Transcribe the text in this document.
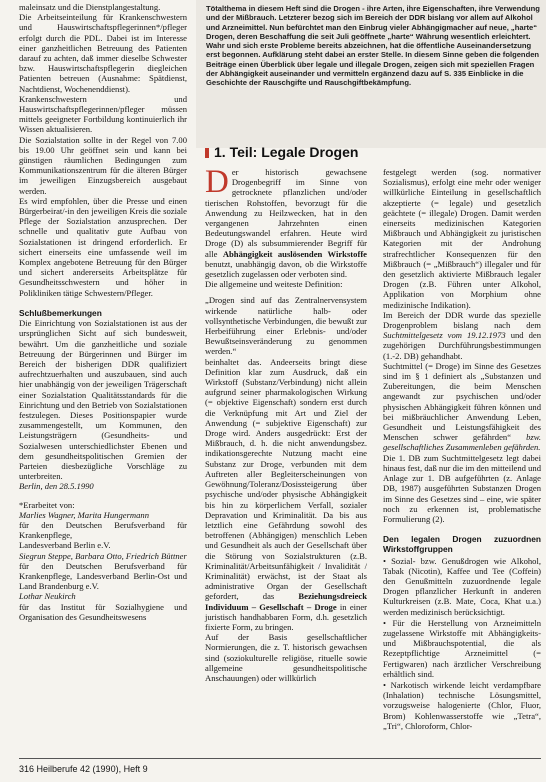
Tötalthema in diesem Heft sind die Drogen - ihre Arten, ihre Eigenschaften, ihre Verwendung und der Mißbrauch. Letzterer bezog sich im Bereich der DDR bislang vor allem auf Alkohol und Arzneimittel. Nun befürchtet man den Einbrug vieler Abhängigmacher auf neue, „harte“ Drogen, deren Beschaffung die seit Juli geöffnete „harte“ Währung wesentlich erleichtert. Wahr und sich erste Probleme bereits abzeichnen, hat die öffentliche Auseinandersetzung erst begonnen. Aufklärung steht dabei an erster Stelle. In diesem Sinne geben die folgenden Beiträge einen Überblick über legale und illegale Drogen, zeigen sich mit speziellen Fragen der Abhängigkeit auseinander und vermitteln ergänzend dazu auf S. 335 Einblicke in die Geschichte der Rauschgifte und Rauschgiftbekämpfung.
1. Teil: Legale Drogen

maleinsatz und die Dienstplangestaltung.

Die Arbeitseinteilung für Krankenschwestern und Hauswirtschaftspflegerinnen*/pfleger erfolgt durch die PDL. Dabei ist im Interesse einer ganzheitlichen Betreuung des Patienten darauf zu achten, daß immer dieselbe Schwester bzw. Hauswirtschaftspflegerin diegleichen Patienten betreuen (Ausnahme: Spätdienst, Nachtdienst, Wochenenddienst).

Krankenschwestern und Hauswirtschaftspflegerinnen/pfleger müssen mittels geeigneter Fortbildung kontinuierlich ihr Wissen aktualisieren.

Die Sozialstation sollte in der Regel von 7.00 bis 19.00 Uhr geöffnet sein und kann bei günstigen räumlichen Bedingungen zum Kommunikationszentrum für die älteren Bürger im jeweiligen Einzugsbereich ausgebaut werden.

Es wird empfohlen, über die Presse und einen Bürgerbeirat/-in den jeweiligen Kreis die soziale Pflege der Sozialstation anzusprechen. Der schnelle und qualitativ gute Aufbau von Sozialstationen ist dringend erforderlich. Er sichert einerseits eine umfassende weil im Komplex angebotene Betreuung für den Bürger und sichert andererseits Arbeitsplätze für Gesundheitsschwestern und höher in Polikliniken tätige Schwestern/Pfleger.

Schlußbemerkungen

Die Einrichtung von Sozialstationen ist aus der ursprünglichen Sicht auf sich bundesweit, bewährt. Um die ganzheitliche und soziale Betreuung der Bürgerinnen und Bürger im Bereich der bisherigen DDR qualifiziert aufrechtzuerhalten und auszubauen, sind auch hier unabhängig von der jeweiligen Trägerschaft einer Sozialstation Qualitätsstandards für die Einrichtung und den Betrieb von Sozialstationen festzulegen. Dieses Positionspapier wurde zusammengestellt, um Kommunen, den Leistungsträgern (Gesundheits- und Sozialwesen unterschiedlichster Ebenen und dem gesundheitspolitischen Gremien der Parteien diesbezügliche Vorschläge zu unterbreiten.

Berlin, den 28.5.1990

*Erarbeitet von:

Marlies Wagner, Marita Hungermann

für den Deutschen Berufsverband für Krankenpflege,

Landesverband Berlin e.V.

Siegrun Steppe, Barbara Otto, Friedrich Büttner

für den Deutschen Berufsverband für Krankenpflege, Landesverband Berlin-Ost und Land Brandenburg e.V.

Lothar Neukirch

für das Institut für Sozialhygiene und Organisation des Gesundheitswesens

Der historisch gewachsene Drogenbegriff im Sinne von getrocknete pflanzlichen und/oder tierischen Rohstoffen, bevorzugt für die Anwendung zu Heilzwecken, hat in den vergangenen Jahrzehnten einen Bedeutungswandel erfahren. Heute wird Droge (D) als subsummierender Begriff für alle Abhängigkeit auslösenden Wirkstoffe benutzt, unabhängig davon, ob die Wirkstoffe gesetzlich zugelassen oder verboten sind.

Die allgemeine und weiteste Definition:

„Drogen sind auf das Zentralnervensystem wirkende natürliche halb- oder vollsynthetische Verbindungen, die bewußt zur Herbeiführung einer Erlebnis- und/oder Bewußtseinsveränderung zu genommen werden.“

beinhaltet das. Andeerseits bringt diese Definition klar zum Ausdruck, daß ein Wirkstoff (Substanz/Verbindung) nicht allein aufgrund seiner pharmakologischen Wirkung (= objektive Eigenschaft) sondern erst durch die Verknüpfung mit Art und Ziel der Anwendung (= subjektive Eigenschaft) zur Droge wird. Anders ausgedrückt: Erst der Mißbrauch, d. h. die nicht anwendungsbez. indikationsgerechte Nutzung macht eine Substanz zur Droge, verbunden mit dem Auftreten aller Begleiterscheinungen von Gewöhnung/Toleranz/Dosissteigerung über psychische und/oder physische Abhängigkeit bis hin zu körperlichem Verfall, sozialer Depravation und Kriminalität. Da bis aus letztlich eine Gefährdung sowohl des betroffenen (Abhängigen) menschlich Leben und Gesundheit als auch der Gesellschaft über die Störung von Sozialstrukturen (z.B. Kriminalität/Arbeitsunfähigkeit / Invalidität / Kriminalität) erwächst, ist der Staat als administrative Organ der Gesellschaft gefordert, das	Beziehungsdreieck Individuum – Gesellschaft – Droge in einer juristisch handhabbaren Form, d.h. gesetzlich fixierte Form, zu bringen.

Auf der Basis gesellschaftlicher Normierungen, die z. T. historisch gewachsen sind (soziokulturelle religiöse, rituelle sowie allgemeine gesundheitspolitische Anschauungen) oder willkürlich

festgelegt werden (sog. normativer Sozialismus), erfolgt eine mehr oder weniger willkürliche Einteilung in gesellschaftlich akzeptierte (= legale) und gesetzlich geächtete (= illegale) Drogen. Damit werden einerseits medizinischen Kategorien Mißbrauch und Abhängigkeit zu juristischen Kategorien mit der Androhung strafrechtlicher Konsequenzen für den Mißbrauch (= „Mißbrauch“) illegaler und für den gesetzlich aktivierte Mißbrauch legaler Drogen (z.B. Führen unter Alkohol, Applikation von Morphium ohne medizinische Indikation).

Im Bereich der DDR wurde das spezielle Drogenproblem bislang nach dem Suchtmittelgesetz vom 19.12.1973 und den zugehörigen Durchführungsbestimmungen (1.-2. DB) gehandhabt.

Suchtmittel (= Droge) im Sinne des Gesetzes sind im § 1 definiert als „Substanzen und Zubereitungen, die beim Menschen angewandt zur psychischen und/oder physischen Abhängigkeit führen können und bei mißbräuchlicher Anwendung Leben, Gesundheit und Leistungsfähigkeit des Menschen schwer gefährden“ bzw. gesellschaftliches Zusammenleben gefährden.

Die 1. DB zum Suchtmittelgesetz legt dabei hinaus fest, daß nur die im den mitteilend und Anlage zur 1. DB aufgeführten (z. Anlage DB, 1987) ausgeführten Substanzen Drogen im Sinne des Gesetzes sind – eine, wie später noch zu erkennen ist, problematische Formulierung (2).

Den legalen Drogen zuzuordnen Wirkstoffgruppen

• Sozial- bzw. Genußdrogen wie Alkohol, Tabak (Nicotin), Kaffee und Tee (Coffein) den Genußmitteln zuzuordnende legale Drogen pflanzlicher Herkunft in anderen Kulturkreisen (z.B. Mate, Coca, Khat u.a.) werden medizinisch berücksichtigt.

• Für die Herstellung von Arzneimitteln zugelassene Wirkstoffe mit Abhängigkeits- und Mißbrauchspotential, die als Rezeptpflichtige Arzneimittel (= Fertigwaren) nach ärztlicher Verschreibung erhältlich sind.

• Narkotisch wirkende leicht verdampfbare (Inhalation) technische Lösungsmittel, vorzugsweise halogenierte (Chlor, Fluor, Brom) Kohlenwasserstoffe wie „Tetra“, „Tri“, Chloroform, Chlor-

316 Heilberufe 42 (1990), Heft 9
